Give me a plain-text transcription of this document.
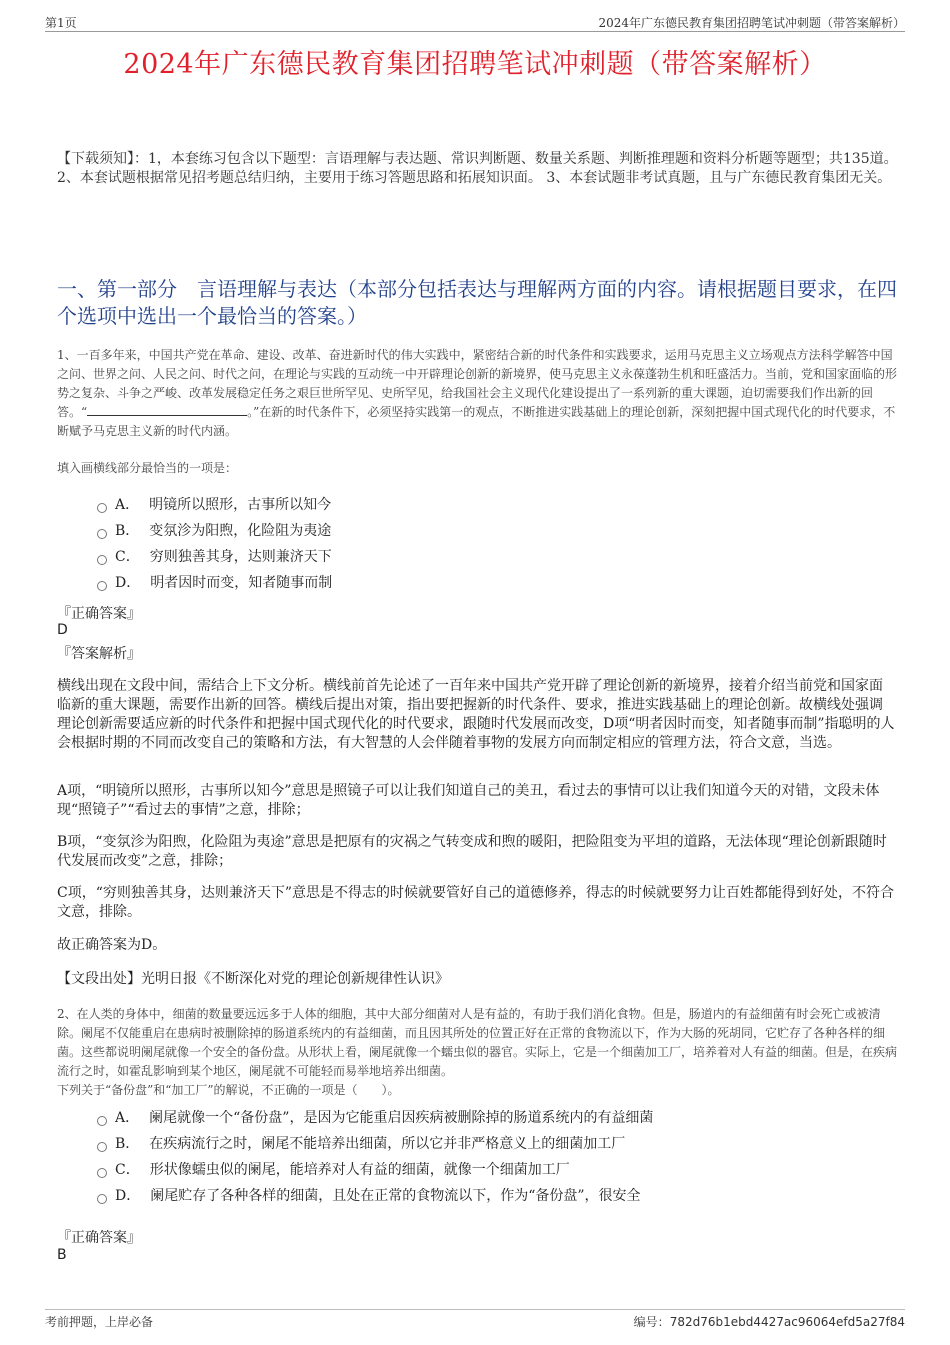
第1页	2024年广东德民教育集团招聘笔试冲刺题（带答案解析）
2024年广东德民教育集团招聘笔试冲刺题（带答案解析）
【下载须知】：1，本套练习包含以下题型：言语理解与表达题、常识判断题、数量关系题、判断推理题和资料分析题等题型；共135道。 2、本套试题根据常见招考题总结归纳，主要用于练习答题思路和拓展知识面。 3、本套试题非考试真题，且与广东德民教育集团无关。
一、第一部分　言语理解与表达（本部分包括表达与理解两方面的内容。请根据题目要求，在四个选项中选出一个最恰当的答案。）
1、一百多年来，中国共产党在革命、建设、改革、奋进新时代的伟大实践中，紧密结合新的时代条件和实践要求，运用马克思主义立场观点方法科学解答中国之问、世界之问、人民之问、时代之问，在理论与实践的互动统一中开辟理论创新的新境界，使马克思主义永葆蓬勃生机和旺盛活力。当前，党和国家面临的形势之复杂、斗争之严峻、改革发展稳定任务之艰巨世所罕见、史所罕见，给我国社会主义现代化建设提出了一系列新的重大课题，迫切需要我们作出新的回答。“	。”在新的时代条件下，必须坚持实践第一的观点，不断推进实践基础上的理论创新，深刻把握中国式现代化的时代要求，不断赋予马克思主义新的时代内涵。
填入画横线部分最恰当的一项是：
A． 明镜所以照形，古事所以知今
B． 变氛沴为阳煦，化险阻为夷途
C． 穷则独善其身，达则兼济天下
D． 明者因时而变，知者随事而制
『正确答案』
D
『答案解析』
横线出现在文段中间，需结合上下文分析。横线前首先论述了一百年来中国共产党开辟了理论创新的新境界，接着介绍当前党和国家面临新的重大课题，需要作出新的回答。横线后提出对策，指出要把握新的时代条件、要求，推进实践基础上的理论创新。故横线处强调理论创新需要适应新的时代条件和把握中国式现代化的时代要求，跟随时代发展而改变，D项“明者因时而变，知者随事而制”指聪明的人会根据时期的不同而改变自己的策略和方法，有大智慧的人会伴随着事物的发展方向而制定相应的管理方法，符合文意，当选。
A项，“明镜所以照形，古事所以知今”意思是照镜子可以让我们知道自己的美丑，看过去的事情可以让我们知道今天的对错，文段未体现“照镜子”“看过去的事情”之意，排除；
B项，“变氛沴为阳煦，化险阻为夷途”意思是把原有的灾祸之气转变成和煦的暖阳，把险阻变为平坦的道路，无法体现“理论创新跟随时代发展而改变”之意，排除；
C项，“穷则独善其身，达则兼济天下”意思是不得志的时候就要管好自己的道德修养，得志的时候就要努力让百姓都能得到好处，不符合文意，排除。
故正确答案为D。
【文段出处】光明日报《不断深化对党的理论创新规律性认识》
2、在人类的身体中，细菌的数量要远远多于人体的细胞，其中大部分细菌对人是有益的，有助于我们消化食物。但是，肠道内的有益细菌有时会死亡或被清除。阑尾不仅能重启在患病时被删除掉的肠道系统内的有益细菌，而且因其所处的位置正好在正常的食物流以下，作为大肠的死胡同，它贮存了各种各样的细菌。这些都说明阑尾就像一个安全的备份盘。从形状上看，阑尾就像一个蠕虫似的器官。实际上，它是一个细菌加工厂，培养着对人有益的细菌。但是，在疾病流行之时，如霍乱影响到某个地区，阑尾就不可能轻而易举地培养出细菌。
下列关于“备份盘”和“加工厂”的解说，不正确的一项是（　　）。
A． 阑尾就像一个“备份盘”，是因为它能重启因疾病被删除掉的肠道系统内的有益细菌
B． 在疾病流行之时，阑尾不能培养出细菌，所以它并非严格意义上的细菌加工厂
C． 形状像蠕虫似的阑尾，能培养对人有益的细菌，就像一个细菌加工厂
D． 阑尾贮存了各种各样的细菌，且处在正常的食物流以下，作为“备份盘”，很安全
『正确答案』
B
考前押题，上岸必备	编号：782d76b1ebd4427ac96064efd5a27f84
